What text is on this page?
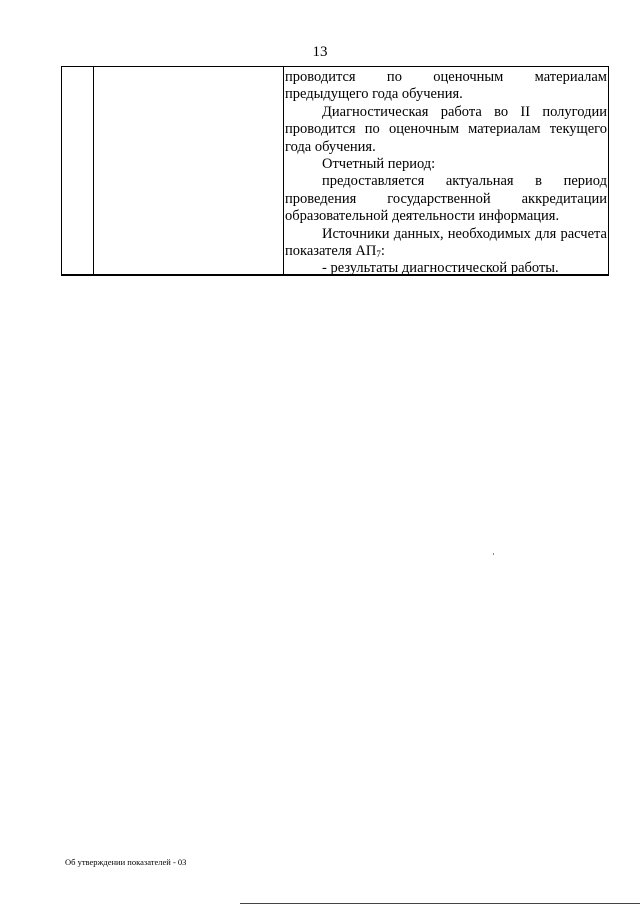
13

проводится по оценочным материалам предыдущего года обучения.

Диагностическая работа во II полугодии проводится по оценочным материалам текущего года обучения.

Отчетный период:

предоставляется актуальная в период проведения государственной аккредитации образовательной деятельности информация.

Источники данных, необходимых для расчета показателя $АП_7$:

- результаты диагностической работы.

Об утверждении показателей - 03
